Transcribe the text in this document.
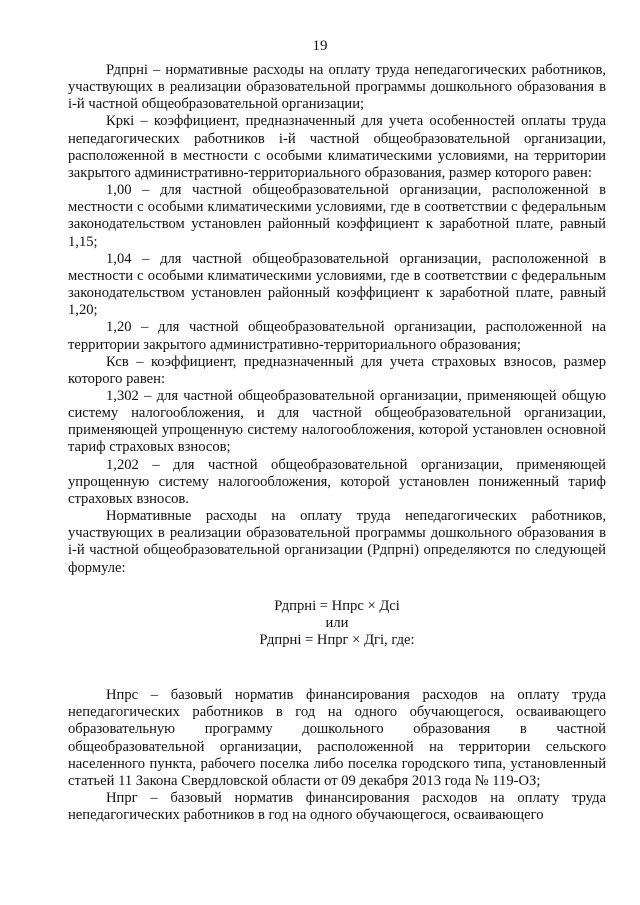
19

Рдпрнi – нормативные расходы на оплату труда непедагогических работников, участвующих в реализации образовательной программы дошкольного образования в i-й частной общеобразовательной организации;

Кркi – коэффициент, предназначенный для учета особенностей оплаты труда непедагогических работников i-й частной общеобразовательной организации, расположенной в местности с особыми климатическими условиями, на территории закрытого административно-территориального образования, размер которого равен:

1,00 – для частной общеобразовательной организации, расположенной в местности с особыми климатическими условиями, где в соответствии с федеральным законодательством установлен районный коэффициент к заработной плате, равный 1,15;

1,04 – для частной общеобразовательной организации, расположенной в местности с особыми климатическими условиями, где в соответствии с федеральным законодательством установлен районный коэффициент к заработной плате, равный 1,20;

1,20 – для частной общеобразовательной организации, расположенной на территории закрытого административно-территориального образования;

Ксв – коэффициент, предназначенный для учета страховых взносов, размер которого равен:

1,302 – для частной общеобразовательной организации, применяющей общую систему налогообложения, и для частной общеобразовательной организации, применяющей упрощенную систему налогообложения, которой установлен основной тариф страховых взносов;

1,202 – для частной общеобразовательной организации, применяющей упрощенную систему налогообложения, которой установлен пониженный тариф страховых взносов.

Нормативные расходы на оплату труда непедагогических работников, участвующих в реализации образовательной программы дошкольного образования в i-й частной общеобразовательной организации (Рдпрнi) определяются по следующей формуле:

Рдпрнi = Нпрс × Дсi

или

Рдпрнi = Нпрг × Дгi, где:

Нпрс – базовый норматив финансирования расходов на оплату труда непедагогических работников в год на одного обучающегося, осваивающего образовательную программу дошкольного образования в частной общеобразовательной организации, расположенной на территории сельского населенного пункта, рабочего поселка либо поселка городского типа, установленный статьей 11 Закона Свердловской области от 09 декабря 2013 года № 119-ОЗ;

Нпрг – базовый норматив финансирования расходов на оплату труда непедагогических работников в год на одного обучающегося, осваивающего
